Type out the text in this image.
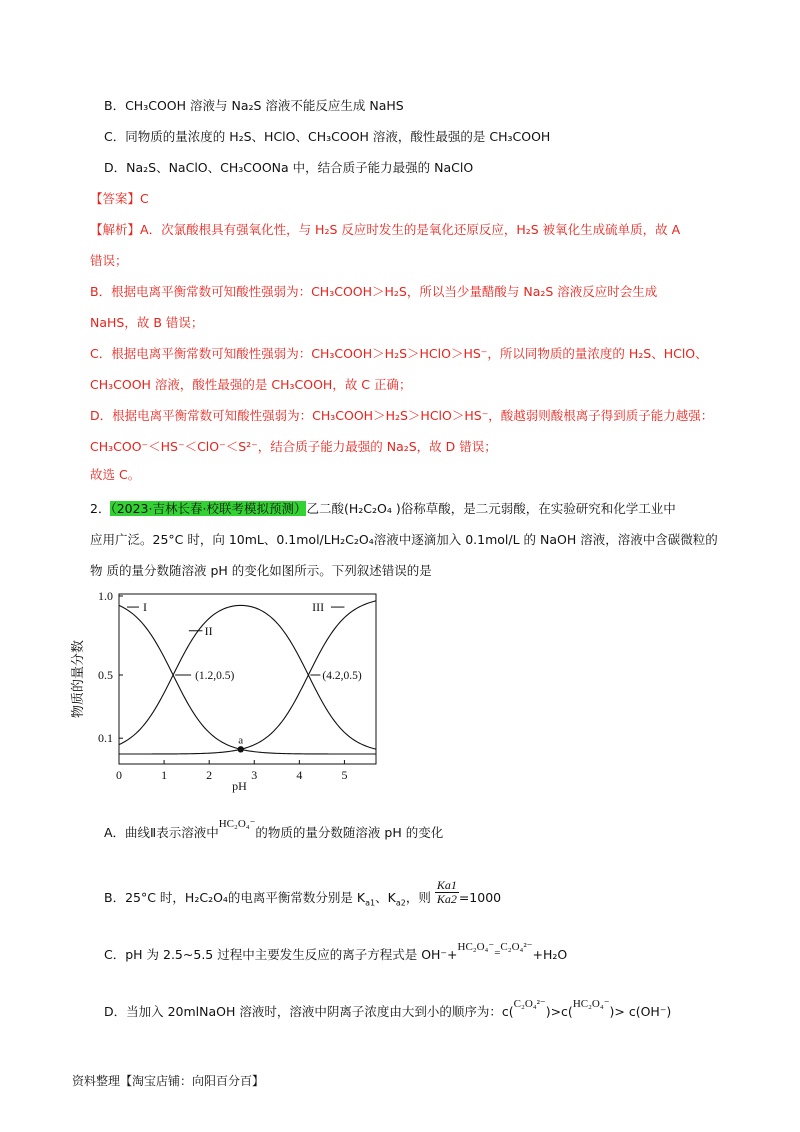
B．CH₃COOH 溶液与 Na₂S 溶液不能反应生成 NaHS
C．同物质的量浓度的 H₂S、HClO、CH₃COOH 溶液，酸性最强的是 CH₃COOH
D．Na₂S、NaClO、CH₃COONa 中，结合质子能力最强的 NaClO
【答案】C
【解析】A．次氯酸根具有强氧化性，与 H₂S 反应时发生的是氧化还原反应，H₂S 被氧化生成硫单质，故 A
错误；
B．根据电离平衡常数可知酸性强弱为：CH₃COOH＞H₂S，所以当少量醋酸与 Na₂S 溶液反应时会生成
NaHS，故 B 错误；
C．根据电离平衡常数可知酸性强弱为：CH₃COOH＞H₂S＞HClO＞HS⁻，所以同物质的量浓度的 H₂S、HClO、
CH₃COOH 溶液，酸性最强的是 CH₃COOH，故 C 正确；
D．根据电离平衡常数可知酸性强弱为：CH₃COOH＞H₂S＞HClO＞HS⁻，酸越弱则酸根离子得到质子能力越强：
CH₃COO⁻＜HS⁻＜ClO⁻＜S²⁻，结合质子能力最强的 Na₂S，故 D 错误；
故选 C。
2．（2023·吉林长春·校联考模拟预测）乙二酸(H₂C₂O₄ )俗称草酸，是二元弱酸，在实验研究和化学工业中
应用广泛。25°C 时，向 10mL、0.1mol/LH₂C₂O₄溶液中逐滴加入 0.1mol/L 的 NaOH 溶液，溶液中含碳微粒的
物 质的量分数随溶液 pH 的变化如图所示。下列叙述错误的是
0	1	2	3	4	5
0.1
0.5
1.0
pH
物质的量分数
I
II
III
(1.2,0.5)	(4.2,0.5)
a
A．曲线Ⅱ表示溶液中HC₂O₄⁻的物质的量分数随溶液 pH 的变化
B．25°C 时，H₂C₂O₄的电离平衡常数分别是 $K_{a1}$、$K_{a2}$，则 $\frac{Ka1}{Ka2} =1000$
C．pH 为 2.5~5.5 过程中主要发生反应的离子方程式是 OH⁻+HC₂O₄⁻=C₂O₄²⁻+H₂O
D．当加入 20mlNaOH 溶液时，溶液中阴离子浓度由大到小的顺序为：c(C₂O₄²⁻)>c(HC₂O₄⁻)> c(OH⁻)
资料整理【淘宝店铺：向阳百分百】
